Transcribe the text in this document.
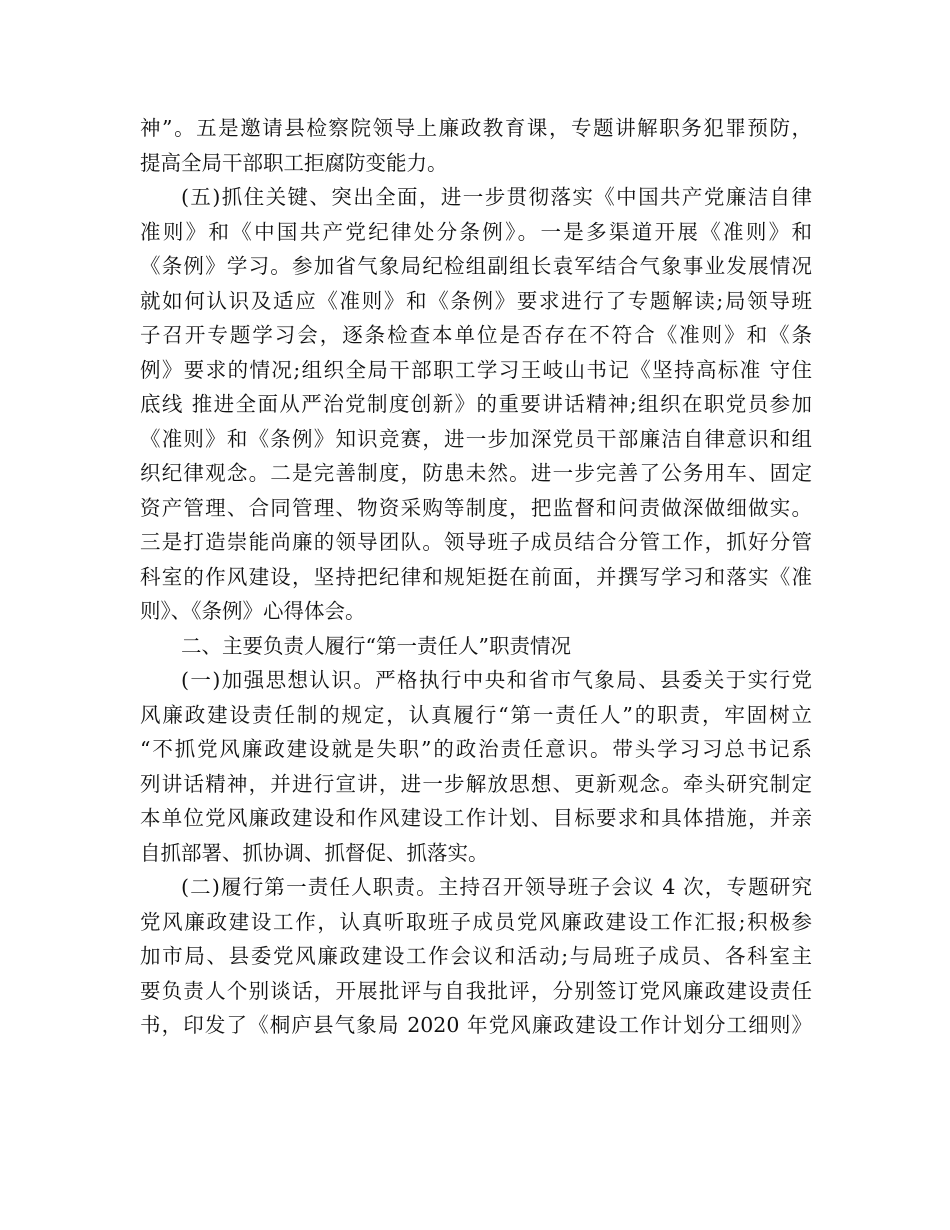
神”。五是邀请县检察院领导上廉政教育课，专题讲解职务犯罪预防，
提高全局干部职工拒腐防变能力。
(五)抓住关键、突出全面，进一步贯彻落实《中国共产党廉洁自律
准则》和《中国共产党纪律处分条例》。一是多渠道开展《准则》和
《条例》学习。参加省气象局纪检组副组长袁军结合气象事业发展情况
就如何认识及适应《准则》和《条例》要求进行了专题解读;局领导班
子召开专题学习会，逐条检查本单位是否存在不符合《准则》和《条
例》要求的情况;组织全局干部职工学习王岐山书记《坚持高标准 守住
底线 推进全面从严治党制度创新》的重要讲话精神;组织在职党员参加
《准则》和《条例》知识竞赛，进一步加深党员干部廉洁自律意识和组
织纪律观念。二是完善制度，防患未然。进一步完善了公务用车、固定
资产管理、合同管理、物资采购等制度，把监督和问责做深做细做实。
三是打造崇能尚廉的领导团队。领导班子成员结合分管工作，抓好分管
科室的作风建设，坚持把纪律和规矩挺在前面，并撰写学习和落实《准
则》、《条例》心得体会。
二、主要负责人履行“第一责任人”职责情况
(一)加强思想认识。严格执行中央和省市气象局、县委关于实行党
风廉政建设责任制的规定，认真履行“第一责任人”的职责，牢固树立
“不抓党风廉政建设就是失职”的政治责任意识。带头学习习总书记系
列讲话精神，并进行宣讲，进一步解放思想、更新观念。牵头研究制定
本单位党风廉政建设和作风建设工作计划、目标要求和具体措施，并亲
自抓部署、抓协调、抓督促、抓落实。
(二)履行第一责任人职责。主持召开领导班子会议 4 次，专题研究
党风廉政建设工作，认真听取班子成员党风廉政建设工作汇报;积极参
加市局、县委党风廉政建设工作会议和活动;与局班子成员、各科室主
要负责人个别谈话，开展批评与自我批评，分别签订党风廉政建设责任
书，印发了《桐庐县气象局 2020 年党风廉政建设工作计划分工细则》
